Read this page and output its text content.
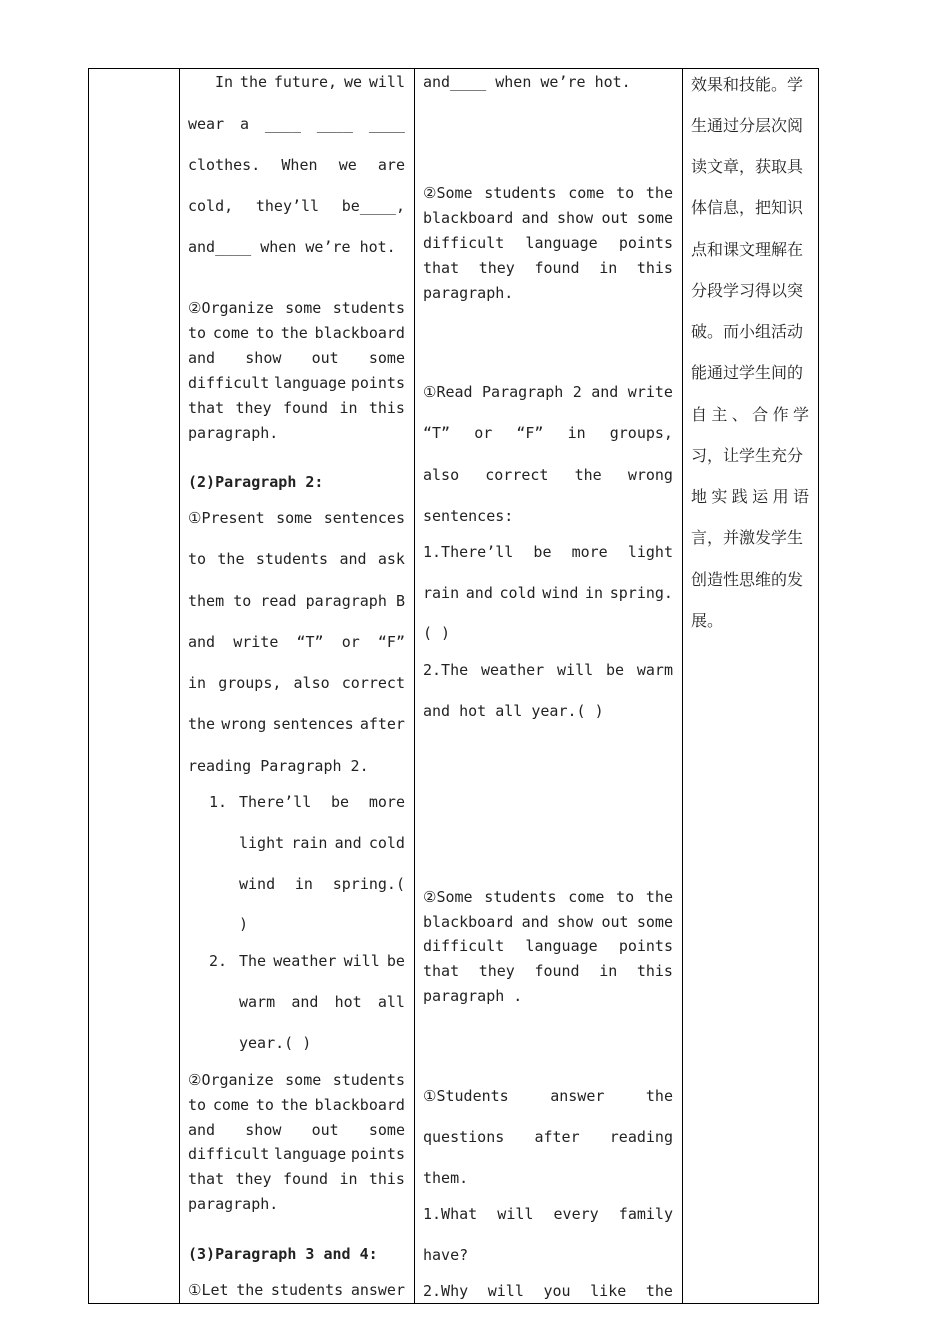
In the future, we will
wear a ____ ____ ____
clothes. When we are
cold, they’ll be____,
and____ when we’re hot.
②Organize some students
to come to the blackboard
and show out some
difficult language points
that they found in this
paragraph.
(2)Paragraph 2:
①Present some sentences
to the students and ask
them to read paragraph B
and write “T” or “F”
in groups, also correct
the wrong sentences after
reading Paragraph 2.
1. There’ll be more
light rain and cold
wind in spring.(
)
2. The weather will be
warm and hot all
year.( )
②Organize some students
to come to the blackboard
and show out some
difficult language points
that they found in this
paragraph.
(3)Paragraph 3 and 4:
①Let the students answer
and____ when we’re hot.
②Some students come to the
blackboard and show out some
difficult language points
that they found in this
paragraph.
①Read Paragraph 2 and write
“T” or “F” in groups,
also correct the wrong
sentences:
1.There’ll be more light
rain and cold wind in spring.
( )
2.The weather will be warm
and hot all year.( )
②Some students come to the
blackboard and show out some
difficult language points
that they found in this
paragraph .
①Students	answer	the
questions after reading
them.
1.What will every family
have?
2.Why will you like the
效果和技能。学
生通过分层次阅
读文章，获取具
体信息，把知识
点和课文理解在
分段学习得以突
破。而小组活动
能通过学生间的
自 主 、 合 作 学
习，让学生充分
地 实 践 运 用 语
言，并激发学生
创造性思维的发
展。
